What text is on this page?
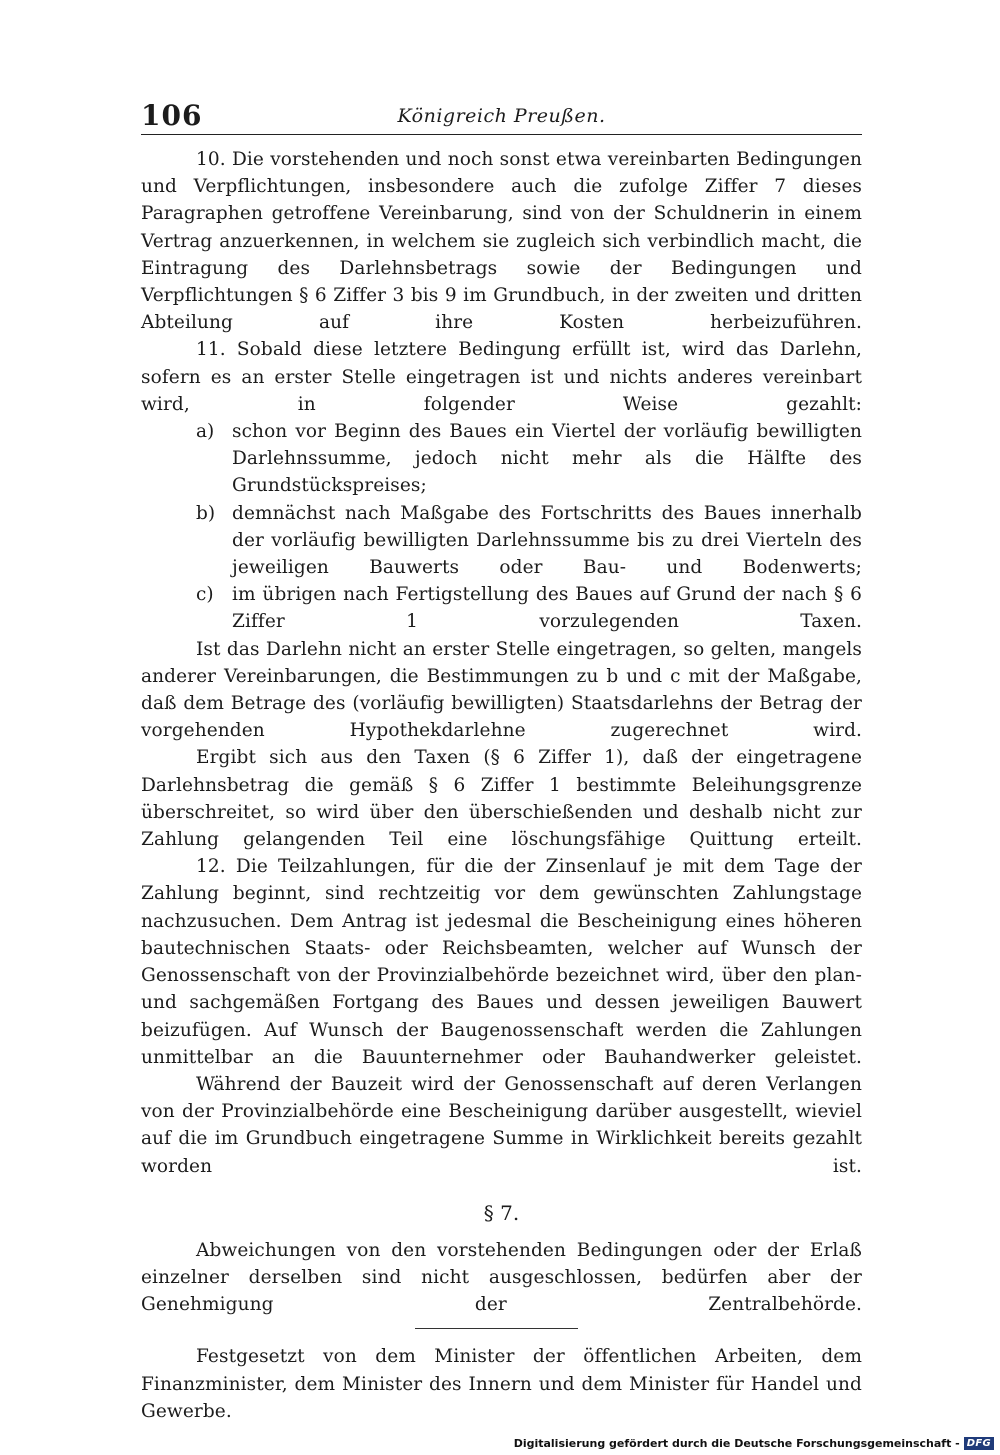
106	Königreich Preußen.

10. Die vorstehenden und noch sonst etwa vereinbarten Bedingungen und Verpflichtungen, insbesondere auch die zufolge Ziffer 7 dieses Paragraphen getroffene Vereinbarung, sind von der Schuldnerin in einem Vertrag anzuerkennen, in welchem sie zugleich sich verbindlich macht, die Eintragung des Darlehnsbetrags sowie der Bedingungen und Verpflichtungen § 6 Ziffer 3 bis 9 im Grundbuch, in der zweiten und dritten Abteilung auf ihre Kosten herbeizuführen.

11. Sobald diese letztere Bedingung erfüllt ist, wird das Darlehn, sofern es an erster Stelle eingetragen ist und nichts anderes vereinbart wird, in folgender Weise gezahlt:

a) schon vor Beginn des Baues ein Viertel der vorläufig bewilligten Darlehnssumme, jedoch nicht mehr als die Hälfte des Grundstückspreises;

b) demnächst nach Maßgabe des Fortschritts des Baues innerhalb der vorläufig bewilligten Darlehnssumme bis zu drei Vierteln des jeweiligen Bauwerts oder Bau- und Bodenwerts;

c) im übrigen nach Fertigstellung des Baues auf Grund der nach § 6 Ziffer 1 vorzulegenden Taxen.

Ist das Darlehn nicht an erster Stelle eingetragen, so gelten, mangels anderer Vereinbarungen, die Bestimmungen zu b und c mit der Maßgabe, daß dem Betrage des (vorläufig bewilligten) Staatsdarlehns der Betrag der vorgehenden Hypothekdarlehne zugerechnet wird.

Ergibt sich aus den Taxen (§ 6 Ziffer 1), daß der eingetragene Darlehnsbetrag die gemäß § 6 Ziffer 1 bestimmte Beleihungsgrenze überschreitet, so wird über den überschießenden und deshalb nicht zur Zahlung gelangenden Teil eine löschungsfähige Quittung erteilt.

12. Die Teilzahlungen, für die der Zinsenlauf je mit dem Tage der Zahlung beginnt, sind rechtzeitig vor dem gewünschten Zahlungstage nachzusuchen. Dem Antrag ist jedesmal die Bescheinigung eines höheren bautechnischen Staats- oder Reichsbeamten, welcher auf Wunsch der Genossenschaft von der Provinzialbehörde bezeichnet wird, über den plan- und sachgemäßen Fortgang des Baues und dessen jeweiligen Bauwert beizufügen. Auf Wunsch der Baugenossenschaft werden die Zahlungen unmittelbar an die Bauunternehmer oder Bauhandwerker geleistet.

Während der Bauzeit wird der Genossenschaft auf deren Verlangen von der Provinzialbehörde eine Bescheinigung darüber ausgestellt, wieviel auf die im Grundbuch eingetragene Summe in Wirklichkeit bereits gezahlt worden ist.

§ 7.

Abweichungen von den vorstehenden Bedingungen oder der Erlaß einzelner derselben sind nicht ausgeschlossen, bedürfen aber der Genehmigung der Zentralbehörde.

Festgesetzt von dem Minister der öffentlichen Arbeiten, dem Finanzminister, dem Minister des Innern und dem Minister für Handel und Gewerbe.

Digitalisierung gefördert durch die Deutsche Forschungsgemeinschaft - DFG
